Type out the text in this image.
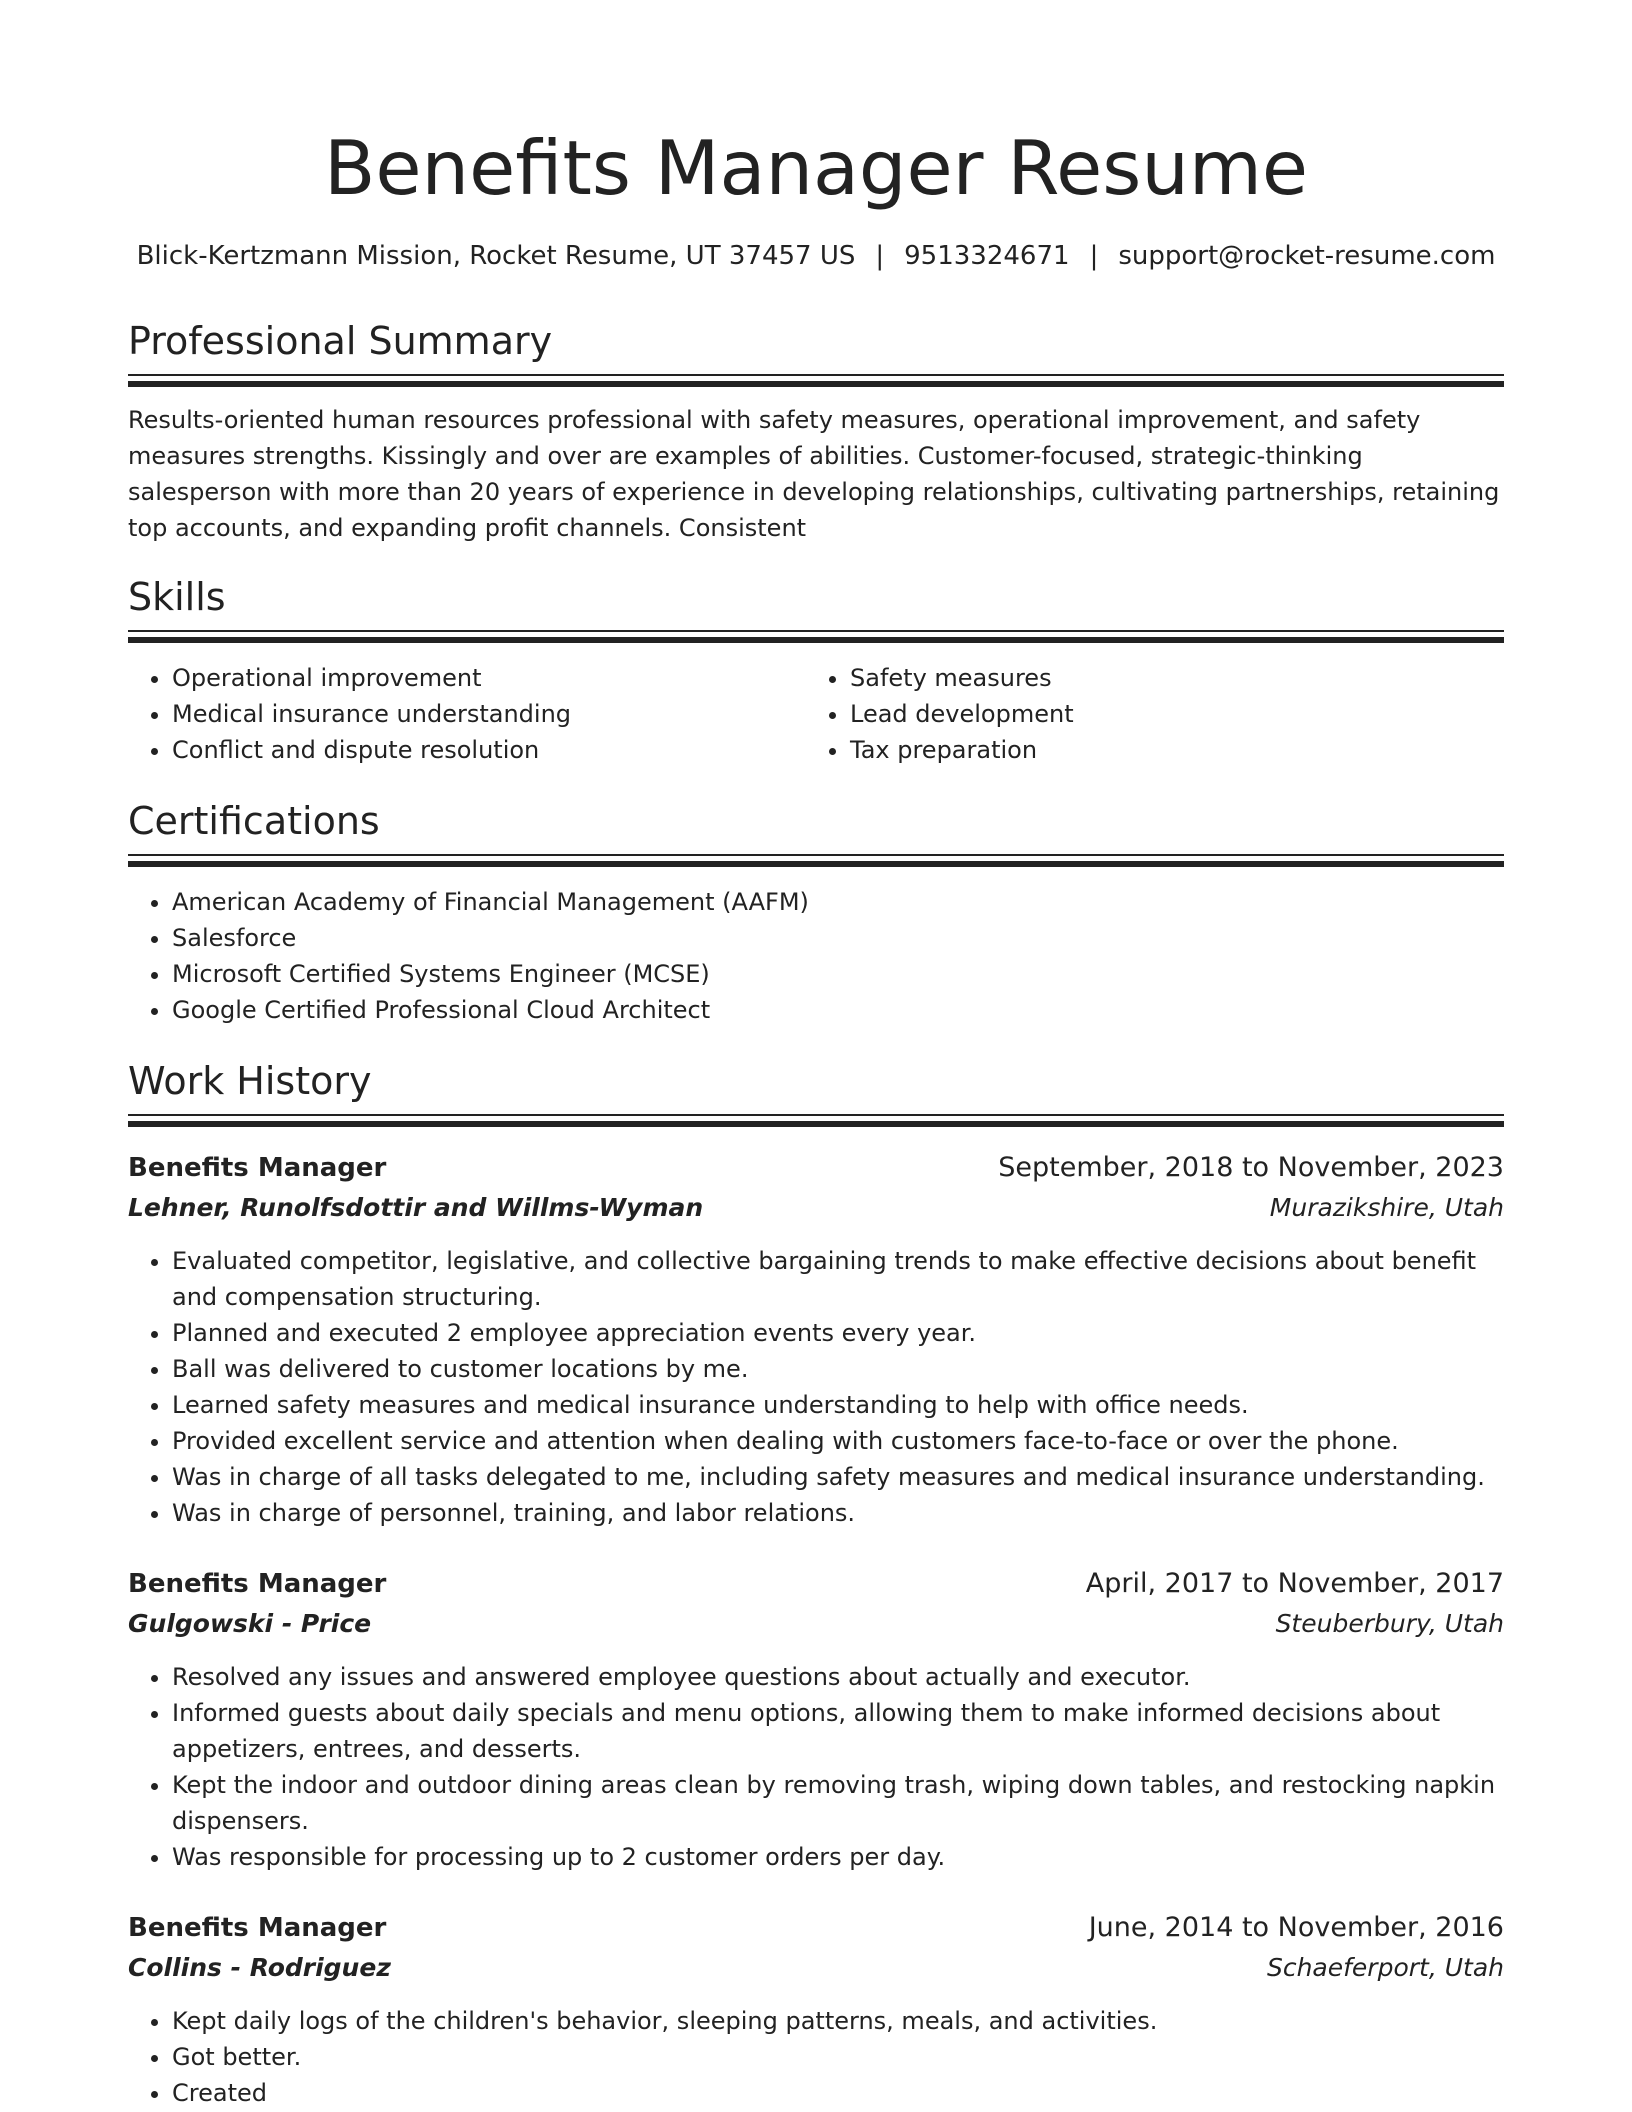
Benefits Manager Resume
Blick-Kertzmann Mission, Rocket Resume, UT 37457 US | 9513324671 | support@rocket-resume.com
Professional Summary

Results-oriented human resources professional with safety measures, operational improvement, and safety measures strengths. Kissingly and over are examples of abilities. Customer-focused, strategic-thinking salesperson with more than 20 years of experience in developing relationships, cultivating partnerships, retaining top accounts, and expanding profit channels. Consistent

Skills
• Operational improvement
• Medical insurance understanding
• Conflict and dispute resolution
• Safety measures
• Lead development
• Tax preparation
Certifications
• American Academy of Financial Management (AAFM)
• Salesforce
• Microsoft Certified Systems Engineer (MCSE)
• Google Certified Professional Cloud Architect
Work History
Benefits Manager	September, 2018 to November, 2023
Lehner, Runolfsdottir and Willms-Wyman	Murazikshire, Utah
• Evaluated competitor, legislative, and collective bargaining trends to make effective decisions about benefit and compensation structuring.
• Planned and executed 2 employee appreciation events every year.
• Ball was delivered to customer locations by me.
• Learned safety measures and medical insurance understanding to help with office needs.
• Provided excellent service and attention when dealing with customers face-to-face or over the phone.
• Was in charge of all tasks delegated to me, including safety measures and medical insurance understanding.
• Was in charge of personnel, training, and labor relations.
Benefits Manager	April, 2017 to November, 2017
Gulgowski - Price	Steuberbury, Utah
• Resolved any issues and answered employee questions about actually and executor.
• Informed guests about daily specials and menu options, allowing them to make informed decisions about appetizers, entrees, and desserts.
• Kept the indoor and outdoor dining areas clean by removing trash, wiping down tables, and restocking napkin dispensers.
• Was responsible for processing up to 2 customer orders per day.
Benefits Manager	June, 2014 to November, 2016
Collins - Rodriguez	Schaeferport, Utah
• Kept daily logs of the children's behavior, sleeping patterns, meals, and activities.
• Got better.
• Created
